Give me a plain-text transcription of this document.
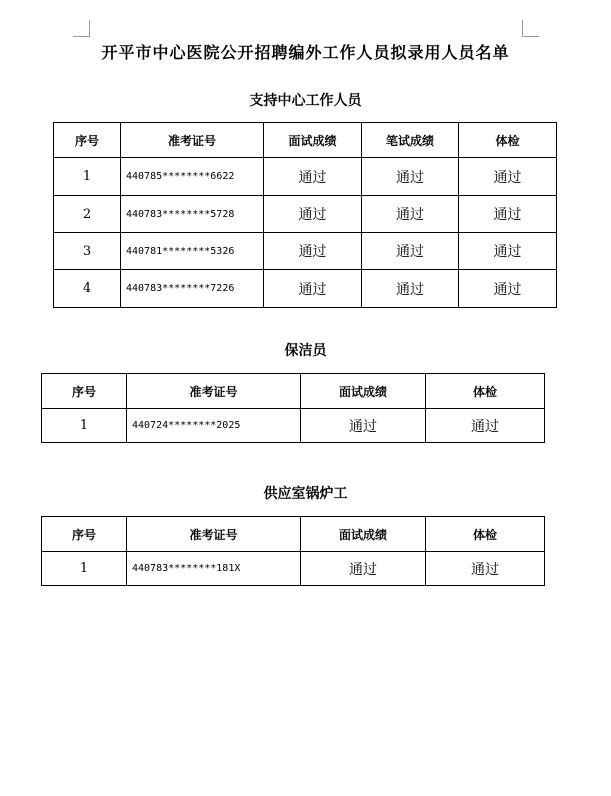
开平市中心医院公开招聘编外工作人员拟录用人员名单
支持中心工作人员
序号	准考证号	面试成绩	笔试成绩	体检
1	440785********6622	通过	通过	通过
2	440783********5728	通过	通过	通过
3	440781********5326	通过	通过	通过
4	440783********7226	通过	通过	通过
保洁员
序号	准考证号	面试成绩	体检
1	440724********2025	通过	通过
供应室锅炉工
序号	准考证号	面试成绩	体检
1	440783********181X	通过	通过
